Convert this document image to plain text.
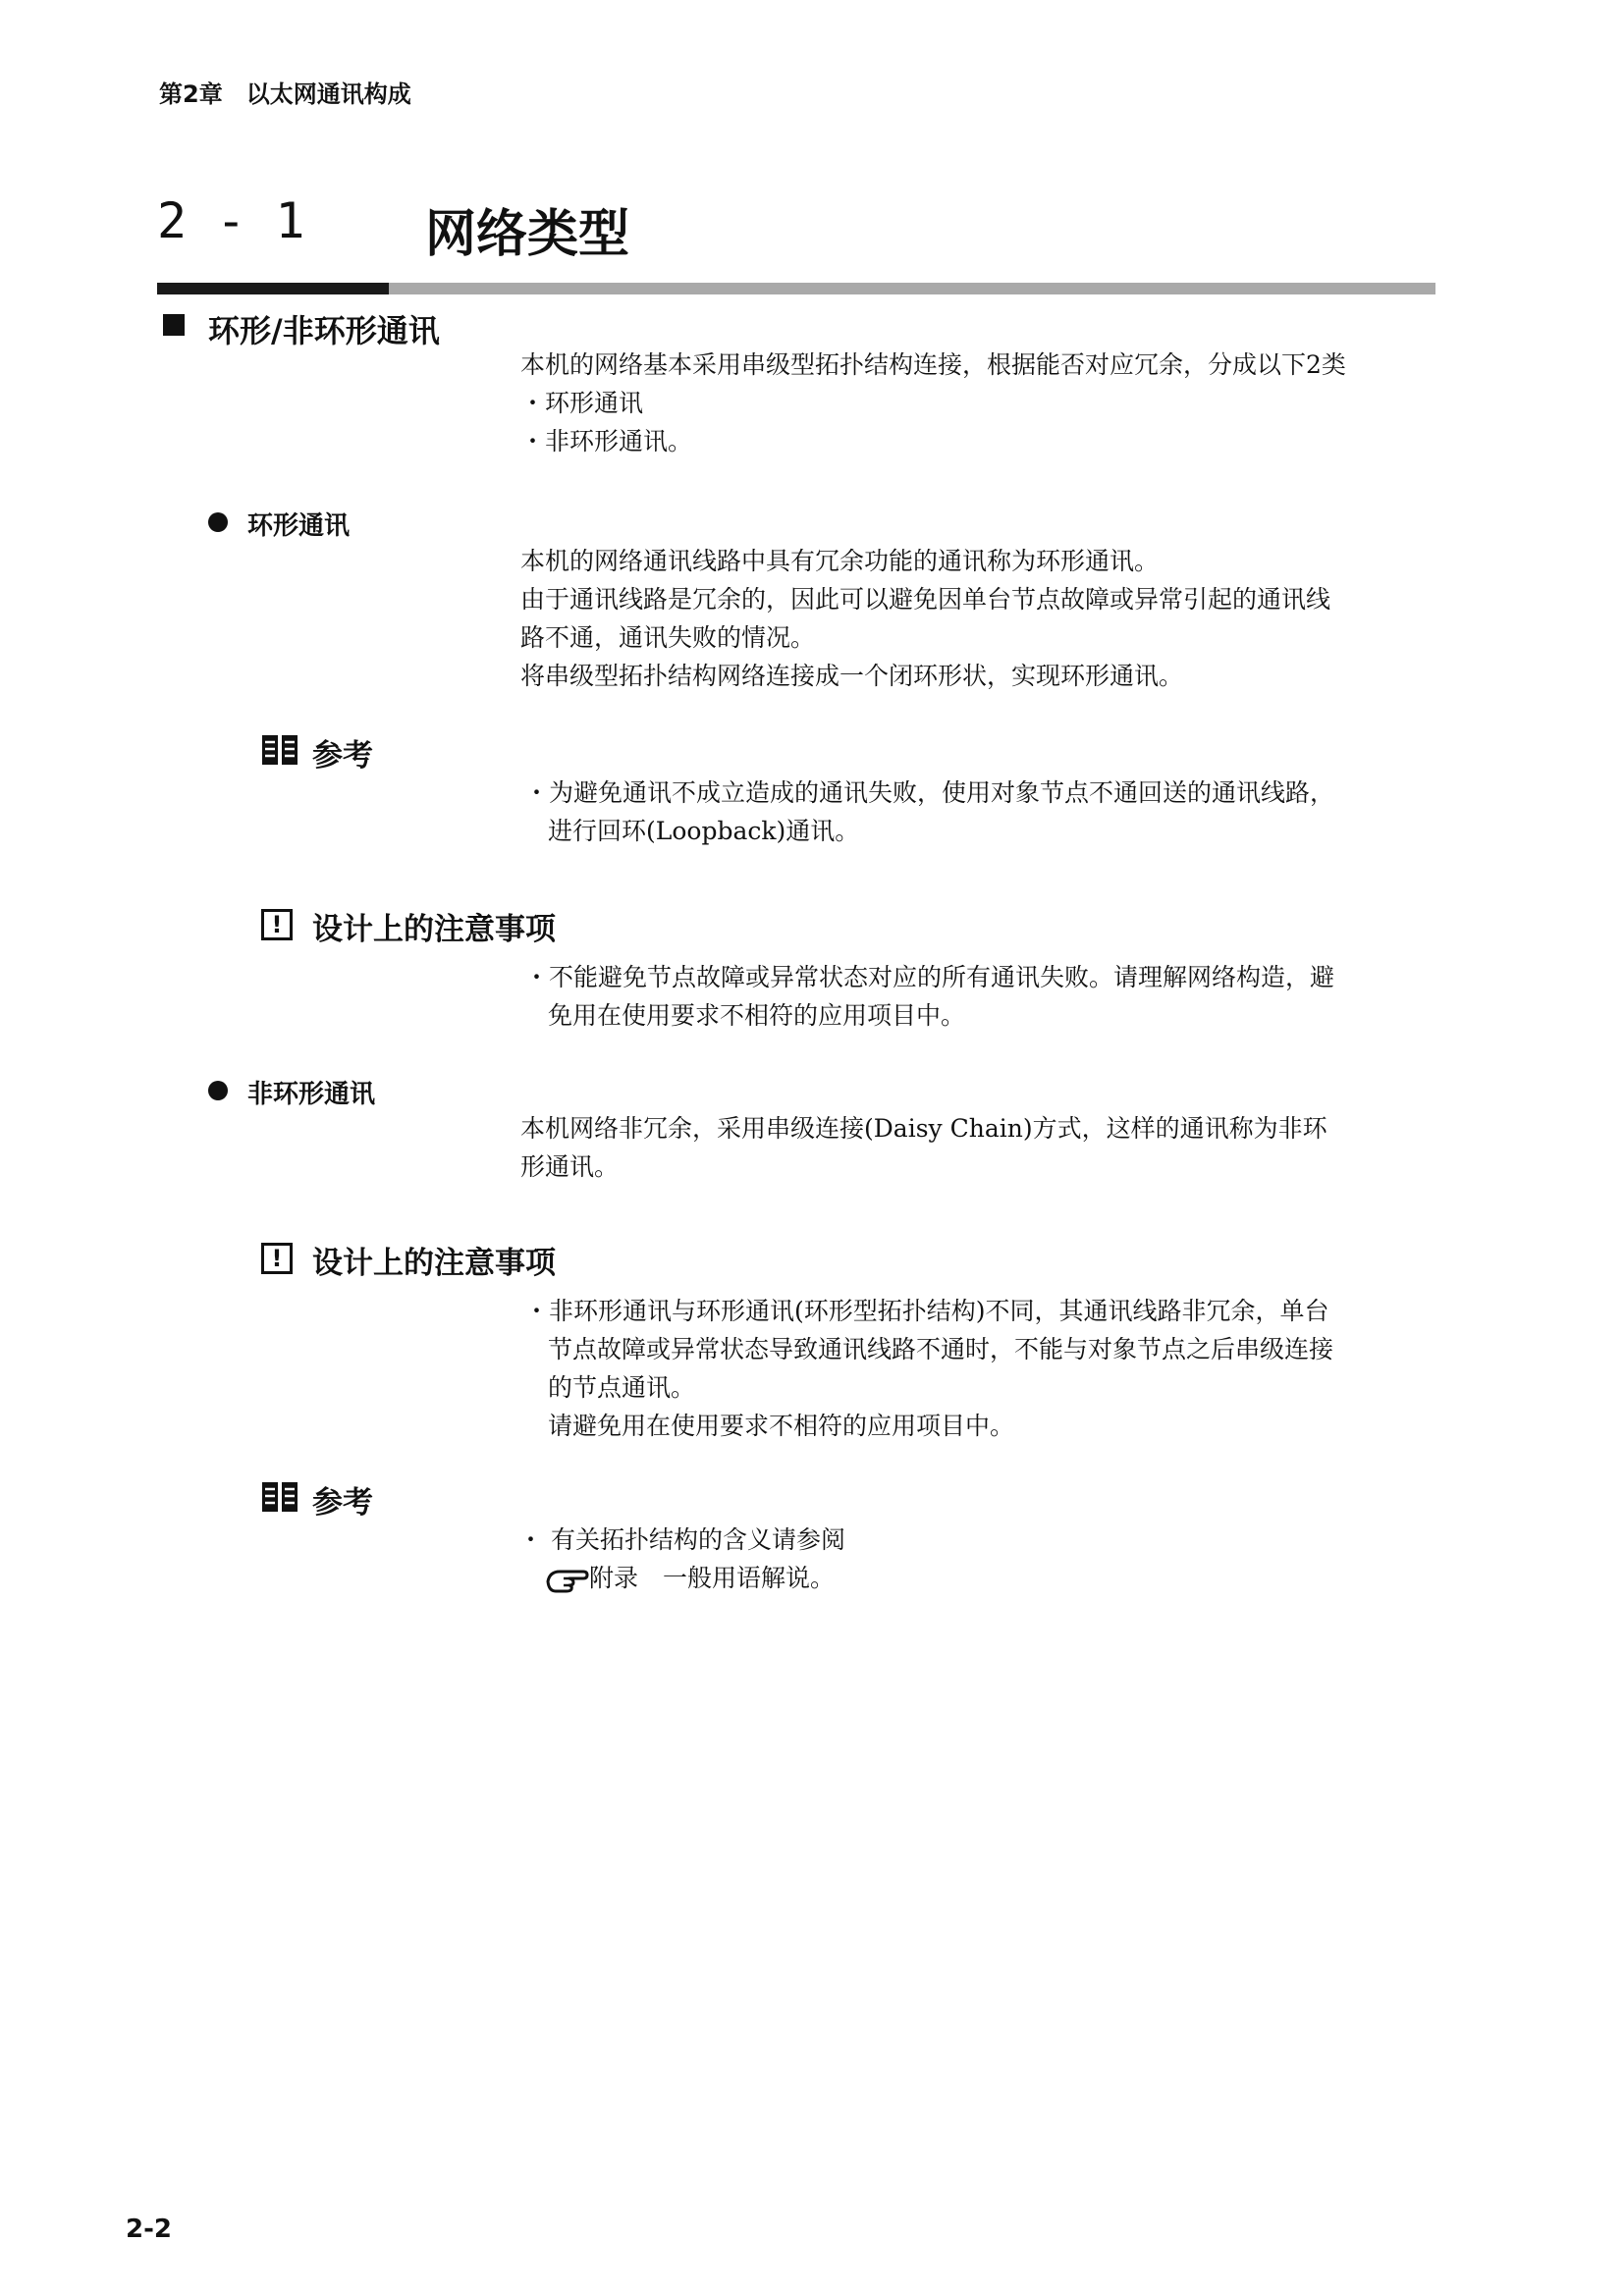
第2章　以太网通讯构成
2 - 1 网络类型
环形/非环形通讯
本机的网络基本采用串级型拓扑结构连接，根据能否对应冗余，分成以下2类
・环形通讯
・非环形通讯。
环形通讯
本机的网络通讯线路中具有冗余功能的通讯称为环形通讯。
由于通讯线路是冗余的，因此可以避免因单台节点故障或异常引起的通讯线
路不通，通讯失败的情况。
将串级型拓扑结构网络连接成一个闭环形状，实现环形通讯。
参考
・为避免通讯不成立造成的通讯失败，使用对象节点不通回送的通讯线路，
进行回环(Loopback)通讯。
! 设计上的注意事项
・不能避免节点故障或异常状态对应的所有通讯失败。请理解网络构造，避
免用在使用要求不相符的应用项目中。
非环形通讯
本机网络非冗余，采用串级连接(Daisy Chain)方式，这样的通讯称为非环
形通讯。
! 设计上的注意事项
・非环形通讯与环形通讯(环形型拓扑结构)不同，其通讯线路非冗余，单台
节点故障或异常状态导致通讯线路不通时，不能与对象节点之后串级连接
的节点通讯。
请避免用在使用要求不相符的应用项目中。
参考
・ 有关拓扑结构的含义请参阅
附录　一般用语解说。
2-2
